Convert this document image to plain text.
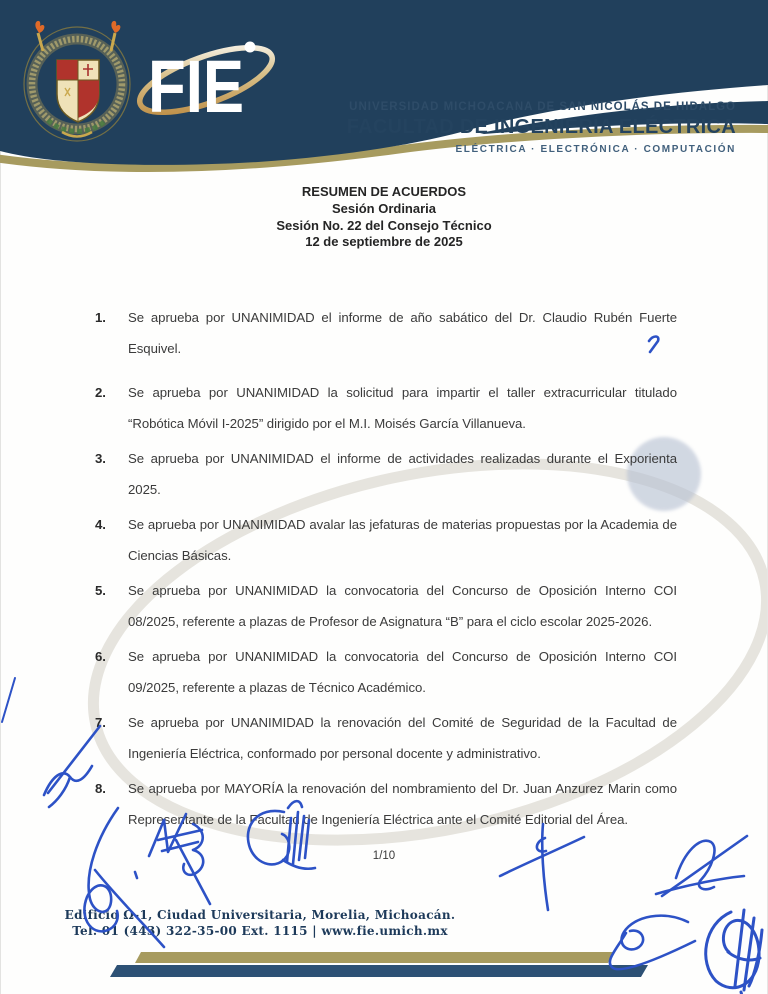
FIE	UNIVERSIDAD MICHOACANA DE SAN NICOLÁS DE HIDALGO
FACULTAD DE INGENIERÍA ELÉCTRICA
ELÉCTRICA · ELECTRÓNICA · COMPUTACIÓN
RESUMEN DE ACUERDOS
Sesión Ordinaria
Sesión No. 22 del Consejo Técnico
12 de septiembre de 2025
1. Se aprueba por UNANIMIDAD el informe de año sabático del Dr. Claudio Rubén Fuerte Esquivel.
2. Se aprueba por UNANIMIDAD la solicitud para impartir el taller extracurricular titulado “Robótica Móvil I-2025” dirigido por el M.I. Moisés García Villanueva.
3. Se aprueba por UNANIMIDAD el informe de actividades realizadas durante el Exporienta 2025.
4. Se aprueba por UNANIMIDAD avalar las jefaturas de materias propuestas por la Academia de Ciencias Básicas.
5. Se aprueba por UNANIMIDAD la convocatoria del Concurso de Oposición Interno COI 08/2025, referente a plazas de Profesor de Asignatura “B” para el ciclo escolar 2025-2026.
6. Se aprueba por UNANIMIDAD la convocatoria del Concurso de Oposición Interno COI 09/2025, referente a plazas de Técnico Académico.
7. Se aprueba por UNANIMIDAD la renovación del Comité de Seguridad de la Facultad de Ingeniería Eléctrica, conformado por personal docente y administrativo.
8. Se aprueba por MAYORÍA la renovación del nombramiento del Dr. Juan Anzurez Marin como Representante de la Facultad de Ingeniería Eléctrica ante el Comité Editorial del Área.
1/10
Edificio Ω-1, Ciudad Universitaria, Morelia, Michoacán.
Tel. 01 (443) 322-35-00 Ext. 1115 | www.fie.umich.mx
